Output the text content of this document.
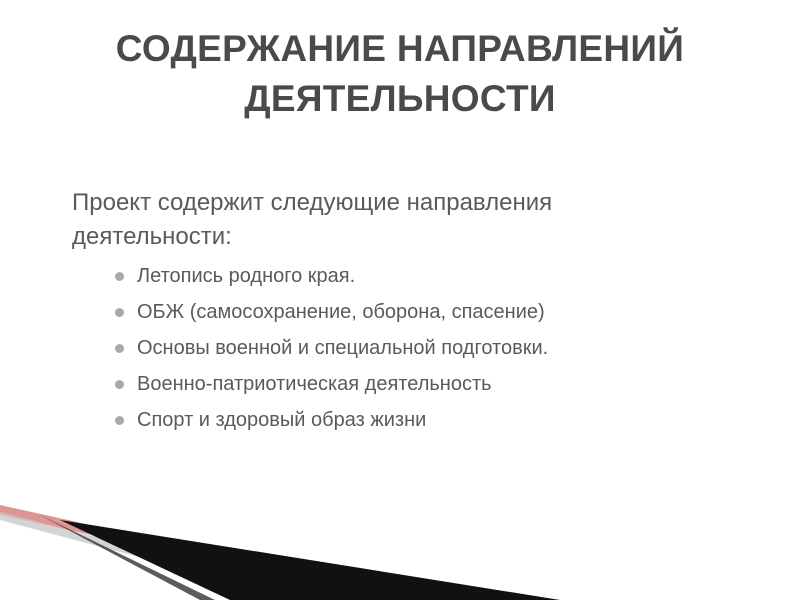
СОДЕРЖАНИЕ НАПРАВЛЕНИЙ
ДЕЯТЕЛЬНОСТИ
Проект содержит следующие направления
деятельности:
Летопись родного края.
ОБЖ (самосохранение, оборона, спасение)
Основы военной и специальной подготовки.
Военно-патриотическая деятельность
Спорт и здоровый образ жизни
